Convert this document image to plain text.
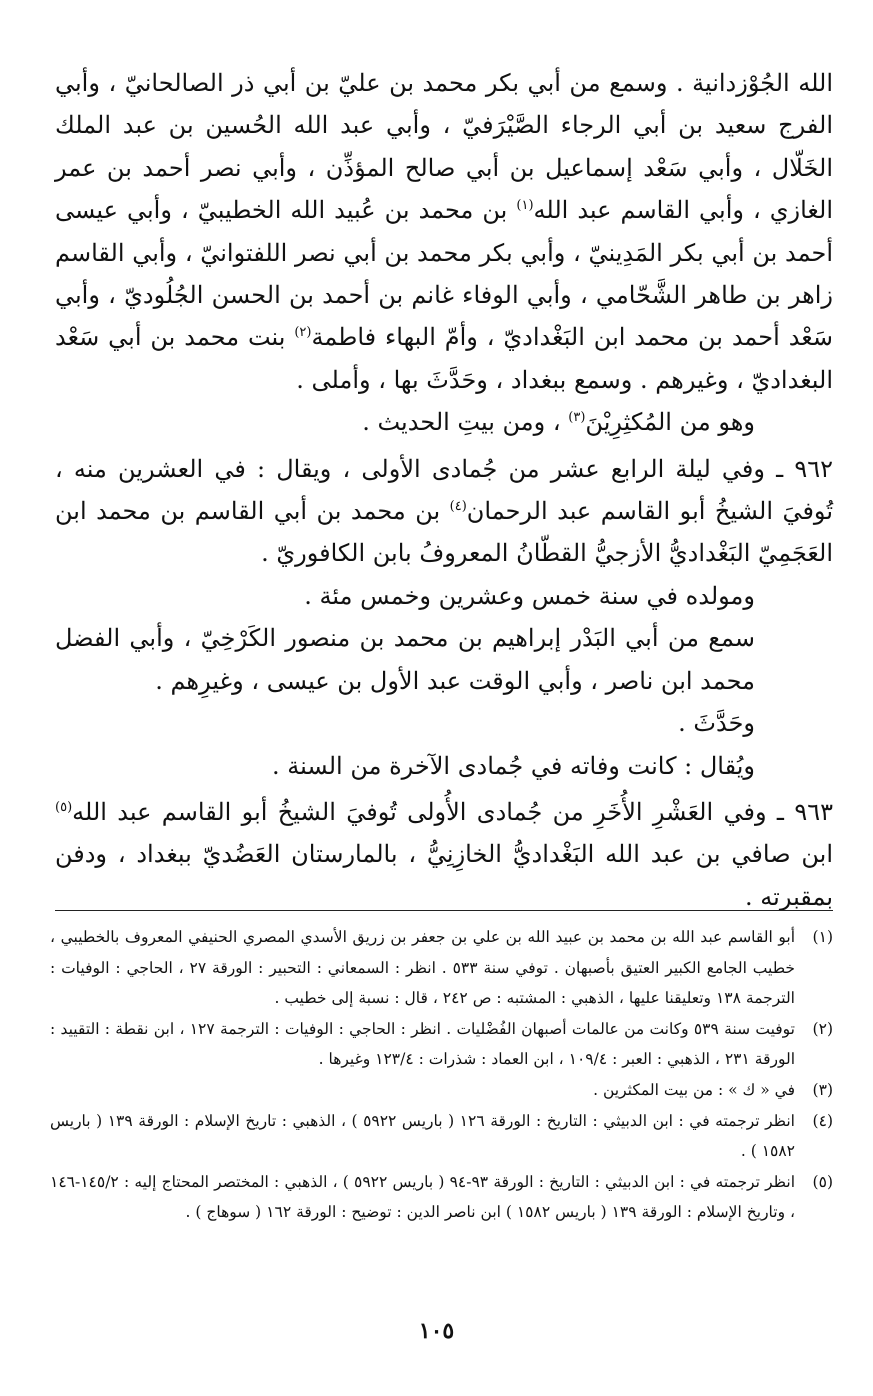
الله الجُوْزدانية . وسمع من أبي بكر محمد بن عليّ بن أبي ذر الصالحانيّ ، وأبي الفرج سعيد بن أبي الرجاء الصَّيْرَفيّ ، وأبي عبد الله الحُسين بن عبد الملك الخَلّال ، وأبي سَعْد إسماعيل بن أبي صالح المؤذِّن ، وأبي نصر أحمد بن عمر الغازي ، وأبي القاسم عبد الله$^{(١)}$ بن محمد بن عُبيد الله الخطيبيّ ، وأبي عيسى أحمد بن أبي بكر المَدِينيّ ، وأبي بكر محمد بن أبي نصر اللفتوانيّ ، وأبي القاسم زاهر بن طاهر الشَّحّامي ، وأبي الوفاء غانم بن أحمد بن الحسن الجُلُوديّ ، وأبي سَعْد أحمد بن محمد ابن البَغْداديّ ، وأمّ البهاء فاطمة$^{(٢)}$ بنت محمد بن أبي سَعْد البغداديّ ، وغيرهم . وسمع ببغداد ، وحَدَّثَ بها ، وأملى .

وهو من المُكثِرِيْنَ$^{(٣)}$ ، ومن بيتِ الحديث .

٩٦٢ ـ وفي ليلة الرابع عشر من جُمادى الأولى ، ويقال : في العشرين منه ، تُوفيَ الشيخُ أبو القاسم عبد الرحمان$^{(٤)}$ بن محمد بن أبي القاسم بن محمد ابن العَجَمِيّ البَغْداديُّ الأزجيُّ القطّانُ المعروفُ بابن الكافوريّ .

ومولده في سنة خمس وعشرين وخمس مئة .

سمع من أبي البَدْر إبراهيم بن محمد بن منصور الكَرْخِيّ ، وأبي الفضل محمد ابن ناصر ، وأبي الوقت عبد الأول بن عيسى ، وغيرِهم .

وحَدَّثَ .

ويُقال : كانت وفاته في جُمادى الآخرة من السنة .

٩٦٣ ـ وفي العَشْرِ الأُخَرِ من جُمادى الأُولى تُوفيَ الشيخُ أبو القاسم عبد الله$^{(٥)}$ ابن صافي بن عبد الله البَغْداديُّ الخازِنِيُّ ، بالمارستان العَضُديّ ببغداد ، ودفن بمقبرته .

(١)
أبو القاسم عبد الله بن محمد بن عبيد الله بن علي بن جعفر بن زريق الأسدي المصري الحنيفي المعروف بالخطيبي ، خطيب الجامع الكبير العتيق بأصبهان . توفي سنة ٥٣٣ . انظر : السمعاني : التحبير : الورقة ٢٧ ، الحاجي : الوفيات : الترجمة ١٣٨ وتعليقنا عليها ، الذهبي : المشتبه : ص ٢٤٢ ، قال : نسبة إلى خطيب .
(٢)
توفيت سنة ٥٣٩ وكانت من عالمات أصبهان الفُضْليات . انظر : الحاجي : الوفيات : الترجمة ١٢٧ ، ابن نقطة : التقييد : الورقة ٢٣١ ، الذهبي : العبر : ١٠٩/٤ ، ابن العماد : شذرات : ١٢٣/٤ وغيرها .
(٣)
في « ك » : من بيت المكثرين .
(٤)
انظر ترجمته في : ابن الدبيثي : التاريخ : الورقة ١٢٦ ( باريس ٥٩٢٢ ) ، الذهبي : تاريخ الإسلام : الورقة ١٣٩ ( باريس ١٥٨٢ ) .
(٥)
انظر ترجمته في : ابن الدبيثي : التاريخ : الورقة ٩٣-٩٤ ( باريس ٥٩٢٢ ) ، الذهبي : المختصر المحتاج إليه : ١٤٥/٢-١٤٦ ، وتاريخ الإسلام : الورقة ١٣٩ ( باريس ١٥٨٢ ) ابن ناصر الدين : توضيح : الورقة ١٦٢ ( سوهاج ) .
١٠٥
